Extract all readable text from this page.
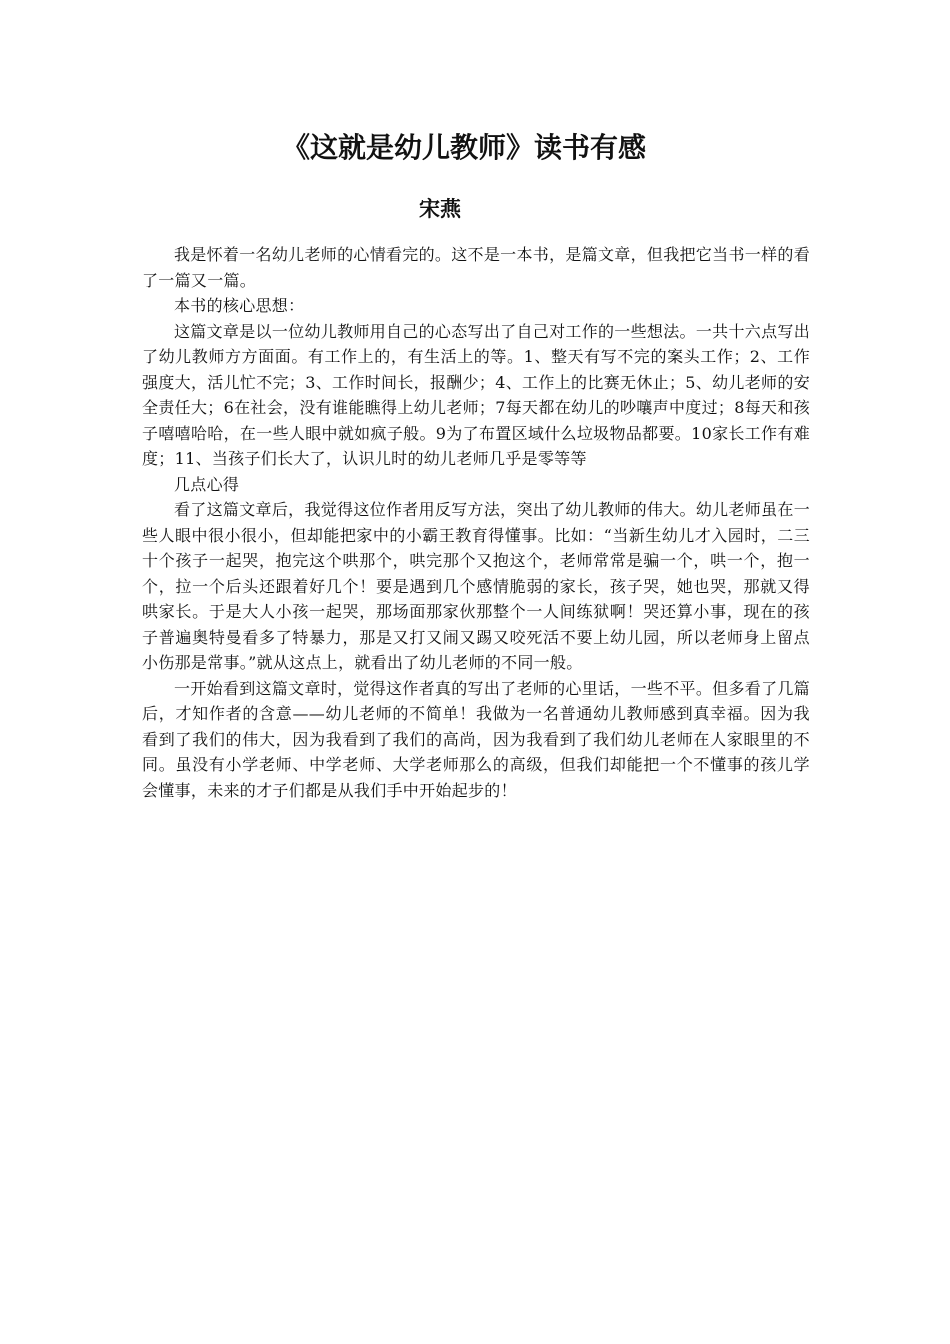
《这就是幼儿教师》读书有感
宋燕

我是怀着一名幼儿老师的心情看完的。这不是一本书，是篇文章，但我把它当书一样的看了一篇又一篇。

本书的核心思想：

这篇文章是以一位幼儿教师用自己的心态写出了自己对工作的一些想法。一共十六点写出了幼儿教师方方面面。有工作上的，有生活上的等。1、整天有写不完的案头工作；2、工作强度大，活儿忙不完；3、工作时间长，报酬少；4、工作上的比赛无休止；5、幼儿老师的安全责任大；6在社会，没有谁能瞧得上幼儿老师；7每天都在幼儿的吵嚷声中度过；8每天和孩子嘻嘻哈哈，在一些人眼中就如疯子般。9为了布置区域什么垃圾物品都要。10家长工作有难度；11、当孩子们长大了，认识儿时的幼儿老师几乎是零等等

几点心得

看了这篇文章后，我觉得这位作者用反写方法，突出了幼儿教师的伟大。幼儿老师虽在一些人眼中很小很小，但却能把家中的小霸王教育得懂事。比如：“当新生幼儿才入园时，二三十个孩子一起哭，抱完这个哄那个，哄完那个又抱这个，老师常常是骗一个，哄一个，抱一个，拉一个后头还跟着好几个！要是遇到几个感情脆弱的家长，孩子哭，她也哭，那就又得哄家长。于是大人小孩一起哭，那场面那家伙那整个一人间练狱啊！哭还算小事，现在的孩子普遍奥特曼看多了特暴力，那是又打又闹又踢又咬死活不要上幼儿园，所以老师身上留点小伤那是常事。”就从这点上，就看出了幼儿老师的不同一般。

一开始看到这篇文章时，觉得这作者真的写出了老师的心里话，一些不平。但多看了几篇后，才知作者的含意——幼儿老师的不简单！我做为一名普通幼儿教师感到真幸福。因为我看到了我们的伟大，因为我看到了我们的高尚，因为我看到了我们幼儿老师在人家眼里的不同。虽没有小学老师、中学老师、大学老师那么的高级，但我们却能把一个不懂事的孩儿学会懂事，未来的才子们都是从我们手中开始起步的！
